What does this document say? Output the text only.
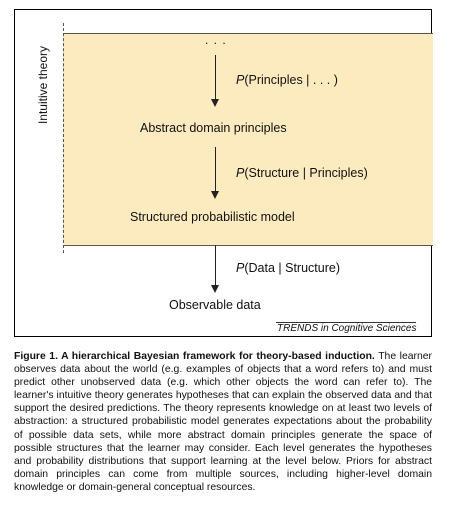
Intuitive theory
. . .
P(Principles | . . . )
Abstract domain principles
P(Structure | Principles)
Structured probabilistic model
P(Data | Structure)
Observable data
TRENDS in Cognitive Sciences
Figure 1. A hierarchical Bayesian framework for theory-based induction. The learner observes data about the world (e.g. examples of objects that a word refers to) and must predict other unobserved data (e.g. which other objects the word can refer to). The learner's intuitive theory generates hypotheses that can explain the observed data and that support the desired predictions. The theory represents knowledge on at least two levels of abstraction: a structured probabilistic model generates expectations about the probability of possible data sets, while more abstract domain principles generate the space of possible structures that the learner may consider. Each level generates the hypotheses and probability distributions that support learning at the level below. Priors for abstract domain principles can come from multiple sources, including higher-level domain knowledge or domain-general conceptual resources.
